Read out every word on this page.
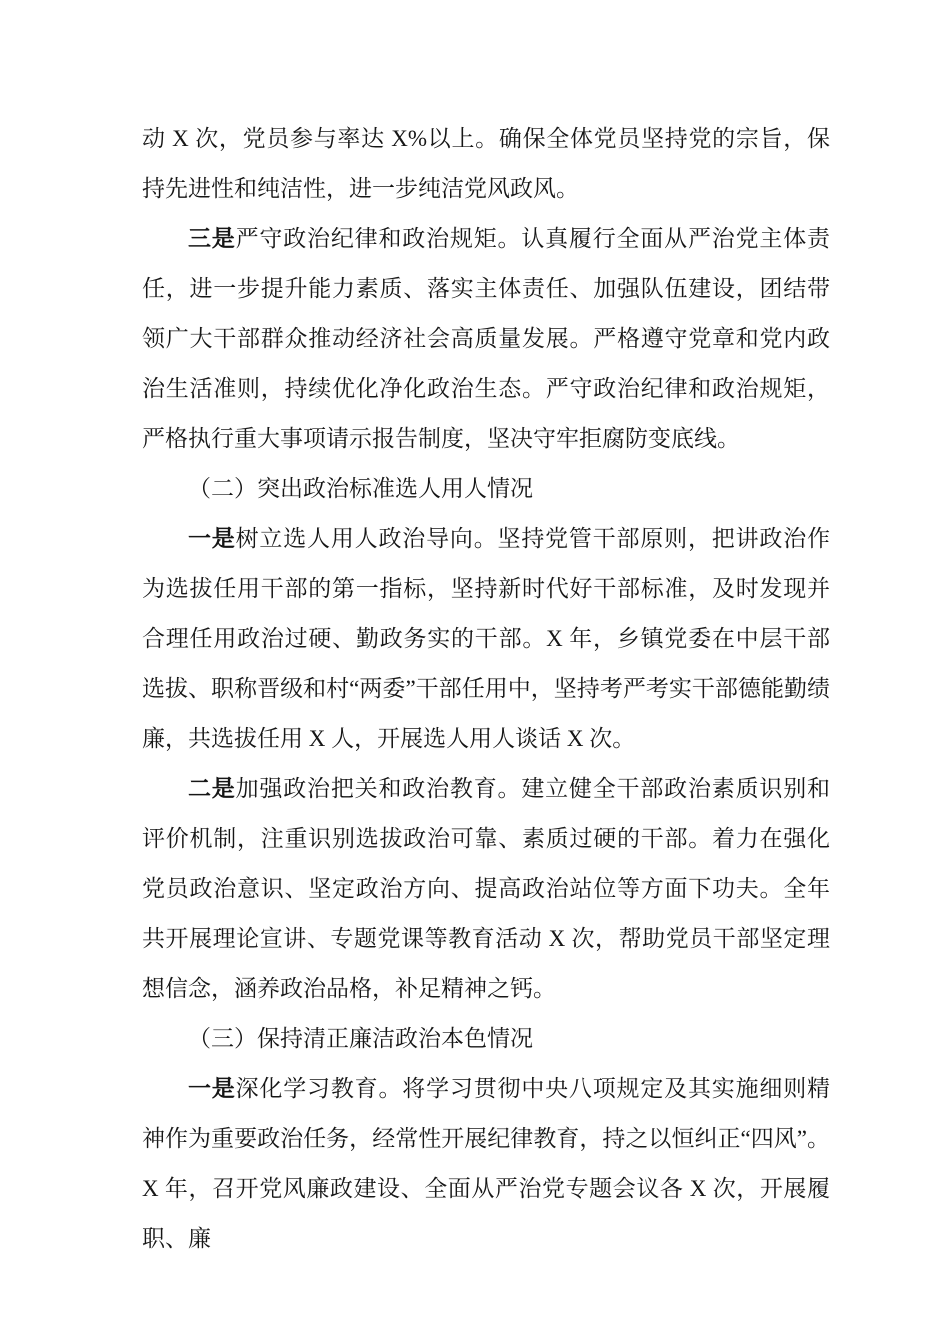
动 X 次，党员参与率达 X%以上。确保全体党员坚持党的宗旨，保持先进性和纯洁性，进一步纯洁党风政风。

三是严守政治纪律和政治规矩。认真履行全面从严治党主体责任，进一步提升能力素质、落实主体责任、加强队伍建设，团结带领广大干部群众推动经济社会高质量发展。严格遵守党章和党内政治生活准则，持续优化净化政治生态。严守政治纪律和政治规矩，严格执行重大事项请示报告制度，坚决守牢拒腐防变底线。

（二）突出政治标准选人用人情况

一是树立选人用人政治导向。坚持党管干部原则，把讲政治作为选拔任用干部的第一指标，坚持新时代好干部标准，及时发现并合理任用政治过硬、勤政务实的干部。X 年，乡镇党委在中层干部选拔、职称晋级和村“两委”干部任用中，坚持考严考实干部德能勤绩廉，共选拔任用 X 人，开展选人用人谈话 X 次。

二是加强政治把关和政治教育。建立健全干部政治素质识别和评价机制，注重识别选拔政治可靠、素质过硬的干部。着力在强化党员政治意识、坚定政治方向、提高政治站位等方面下功夫。全年共开展理论宣讲、专题党课等教育活动 X 次，帮助党员干部坚定理想信念，涵养政治品格，补足精神之钙。

（三）保持清正廉洁政治本色情况

一是深化学习教育。将学习贯彻中央八项规定及其实施细则精神作为重要政治任务，经常性开展纪律教育，持之以恒纠正“四风”。X 年，召开党风廉政建设、全面从严治党专题会议各 X 次，开展履职、廉
